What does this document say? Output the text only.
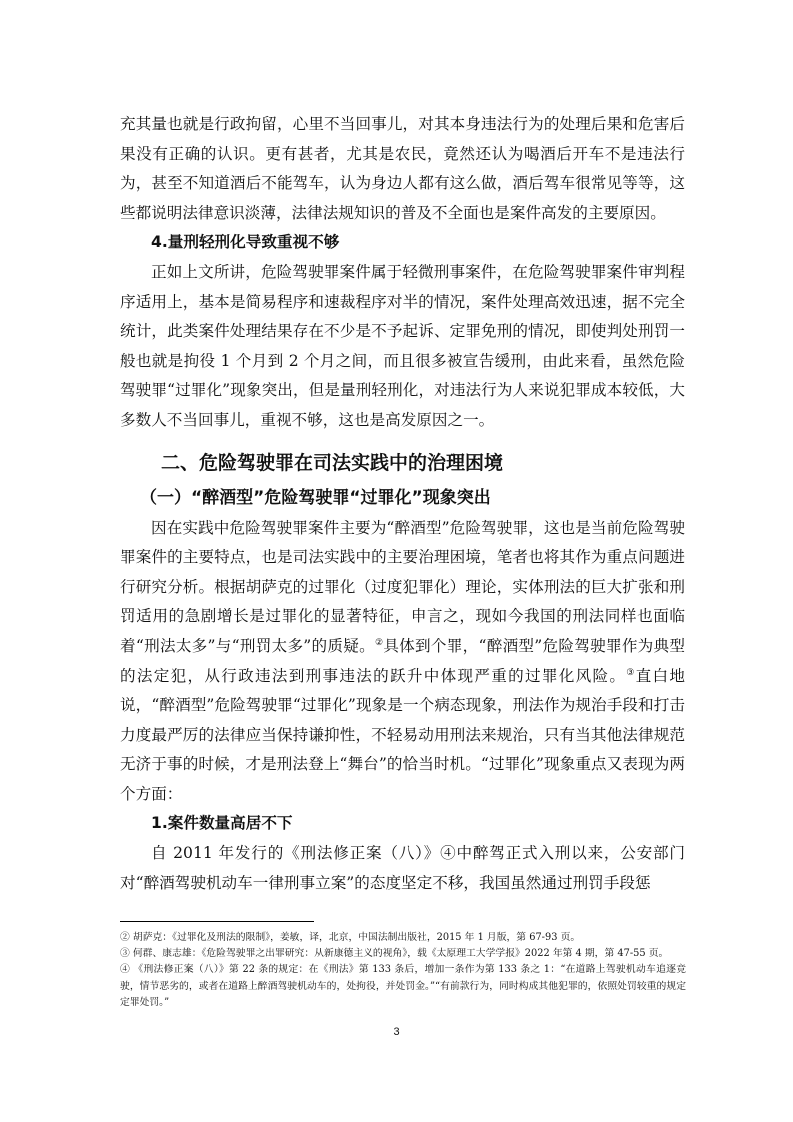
充其量也就是行政拘留，心里不当回事儿，对其本身违法行为的处理后果和危害后果没有正确的认识。更有甚者，尤其是农民，竟然还认为喝酒后开车不是违法行为，甚至不知道酒后不能驾车，认为身边人都有这么做，酒后驾车很常见等等，这些都说明法律意识淡薄，法律法规知识的普及不全面也是案件高发的主要原因。

4.量刑轻刑化导致重视不够

正如上文所讲，危险驾驶罪案件属于轻微刑事案件，在危险驾驶罪案件审判程序适用上，基本是简易程序和速裁程序对半的情况，案件处理高效迅速，据不完全统计，此类案件处理结果存在不少是不予起诉、定罪免刑的情况，即使判处刑罚一般也就是拘役 1 个月到 2 个月之间，而且很多被宣告缓刑，由此来看，虽然危险驾驶罪“过罪化”现象突出，但是量刑轻刑化，对违法行为人来说犯罪成本较低，大多数人不当回事儿，重视不够，这也是高发原因之一。

二、危险驾驶罪在司法实践中的治理困境

（一）“醉酒型”危险驾驶罪“过罪化”现象突出

因在实践中危险驾驶罪案件主要为“醉酒型”危险驾驶罪，这也是当前危险驾驶罪案件的主要特点，也是司法实践中的主要治理困境，笔者也将其作为重点问题进行研究分析。根据胡萨克的过罪化（过度犯罪化）理论，实体刑法的巨大扩张和刑罚适用的急剧增长是过罪化的显著特征，申言之，现如今我国的刑法同样也面临着“刑法太多”与“刑罚太多”的质疑。②具体到个罪，“醉酒型”危险驾驶罪作为典型的法定犯，从行政违法到刑事违法的跃升中体现严重的过罪化风险。③直白地说，“醉酒型”危险驾驶罪“过罪化”现象是一个病态现象，刑法作为规治手段和打击力度最严厉的法律应当保持谦抑性，不轻易动用刑法来规治，只有当其他法律规范无济于事的时候，才是刑法登上“舞台”的恰当时机。“过罪化”现象重点又表现为两个方面：

1.案件数量高居不下

自 2011 年发行的《刑法修正案（八）》④中醉驾正式入刑以来，公安部门对“醉酒驾驶机动车一律刑事立案”的态度坚定不移，我国虽然通过刑罚手段惩

② 胡萨克：《过罪化及刑法的限制》，姜敏，译，北京，中国法制出版社，2015 年 1 月版，第 67-93 页。

③ 何群、康志雄：《危险驾驶罪之出罪研究：从新康德主义的视角》，载《太原理工大学学报》2022 年第 4 期，第 47-55 页。

④ 《刑法修正案（八）》第 22 条的规定：在《刑法》第 133 条后，增加一条作为第 133 条之 1：“在道路上驾驶机动车追逐竞驶，情节恶劣的，或者在道路上醉酒驾驶机动车的，处拘役，并处罚金。”“有前款行为，同时构成其他犯罪的，依照处罚较重的规定定罪处罚。”

3
